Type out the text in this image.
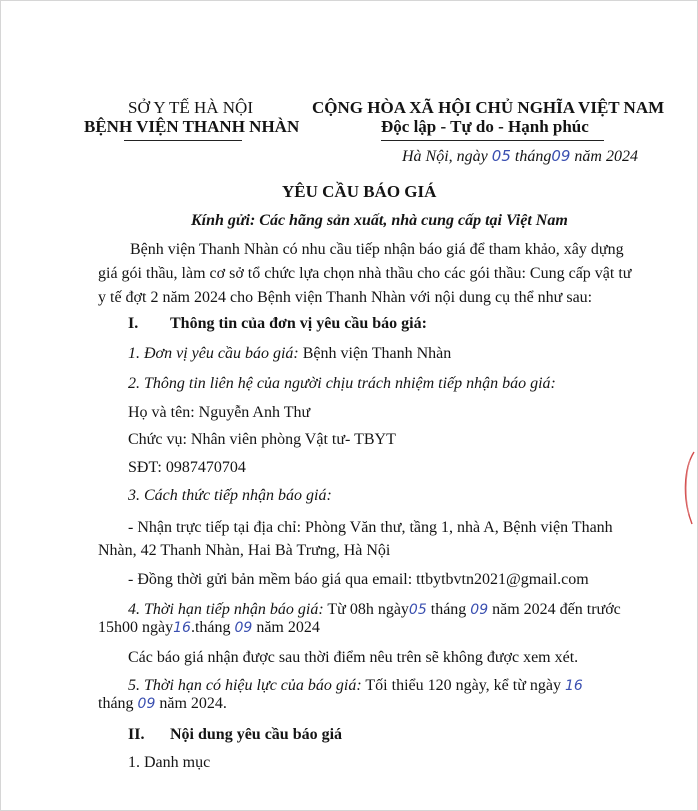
SỞ Y TẾ HÀ NỘI
BỆNH VIỆN THANH NHÀN
CỘNG HÒA XÃ HỘI CHỦ NGHĨA VIỆT NAM
Độc lập - Tự do - Hạnh phúc
Hà Nội, ngày 05 tháng09 năm 2024
YÊU CẦU BÁO GIÁ
Kính gửi: Các hãng sản xuất, nhà cung cấp tại Việt Nam
Bệnh viện Thanh Nhàn có nhu cầu tiếp nhận báo giá để tham khảo, xây dựng
giá gói thầu, làm cơ sở tổ chức lựa chọn nhà thầu cho các gói thầu: Cung cấp vật tư
y tế đợt 2 năm 2024 cho Bệnh viện Thanh Nhàn với nội dung cụ thể như sau:
I. Thông tin của đơn vị yêu cầu báo giá:
1. Đơn vị yêu cầu báo giá: Bệnh viện Thanh Nhàn
2. Thông tin liên hệ của người chịu trách nhiệm tiếp nhận báo giá:
Họ và tên: Nguyễn Anh Thư
Chức vụ: Nhân viên phòng Vật tư- TBYT
SĐT: 0987470704
3. Cách thức tiếp nhận báo giá:
- Nhận trực tiếp tại địa chỉ: Phòng Văn thư, tầng 1, nhà A, Bệnh viện Thanh
Nhàn, 42 Thanh Nhàn, Hai Bà Trưng, Hà Nội
- Đồng thời gửi bản mềm báo giá qua email: ttbytbvtn2021@gmail.com
4. Thời hạn tiếp nhận báo giá: Từ 08h ngày05 tháng 09 năm 2024 đến trước
15h00 ngày16.tháng 09 năm 2024
Các báo giá nhận được sau thời điểm nêu trên sẽ không được xem xét.
5. Thời hạn có hiệu lực của báo giá: Tối thiểu 120 ngày, kể từ ngày 16
tháng 09 năm 2024.
II. Nội dung yêu cầu báo giá
1. Danh mục
